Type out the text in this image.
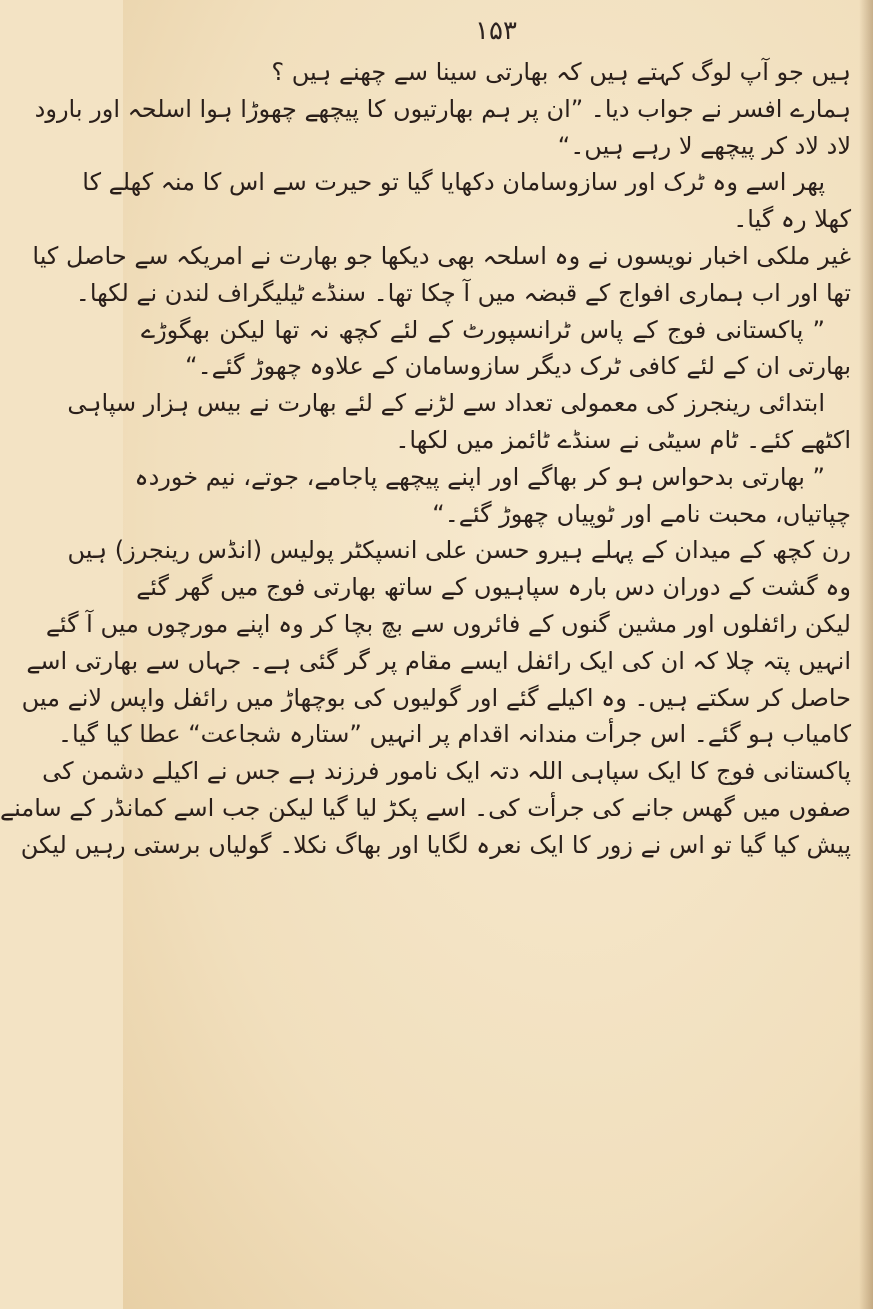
۱۵۳
ہیں جو آپ لوگ کہتے ہیں کہ بھارتی سینا سے چھنے ہیں ؟
ہمارے افسر نے جواب دیا۔ ”ان پر ہم بھارتیوں کا پیچھے چھوڑا ہوا اسلحہ اور بارود
لاد لاد کر پیچھے لا رہے ہیں۔“
پھر اسے وہ ٹرک اور سازوسامان دکھایا گیا تو حیرت سے اس کا منہ کھلے کا
کھلا رہ گیا۔
غیر ملکی اخبار نویسوں نے وہ اسلحہ بھی دیکھا جو بھارت نے امریکہ سے حاصل کیا
تھا اور اب ہماری افواج کے قبضہ میں آ چکا تھا۔ سنڈے ٹیلیگراف لندن نے لکھا۔
” پاکستانی فوج کے پاس ٹرانسپورٹ کے لئے کچھ نہ تھا لیکن بھگوڑے
بھارتی ان کے لئے کافی ٹرک دیگر سازوسامان کے علاوہ چھوڑ گئے۔“
ابتدائی رینجرز کی معمولی تعداد سے لڑنے کے لئے بھارت نے بیس ہزار سپاہی
اکٹھے کئے۔ ٹام سیٹی نے سنڈے ٹائمز میں لکھا۔
” بھارتی بدحواس ہو کر بھاگے اور اپنے پیچھے پاجامے، جوتے، نیم خوردہ
چپاتیاں، محبت نامے اور ٹوپیاں چھوڑ گئے۔“
رن کچھ کے میدان کے پہلے ہیرو حسن علی انسپکٹر پولیس (انڈس رینجرز) ہیں
وہ گشت کے دوران دس بارہ سپاہیوں کے ساتھ بھارتی فوج میں گھر گئے
لیکن رائفلوں اور مشین گنوں کے فائروں سے بچ بچا کر وہ اپنے مورچوں میں آ گئے
انہیں پتہ چلا کہ ان کی ایک رائفل ایسے مقام پر گر گئی ہے۔ جہاں سے بھارتی اسے
حاصل کر سکتے ہیں۔ وہ اکیلے گئے اور گولیوں کی بوچھاڑ میں رائفل واپس لانے میں
کامیاب ہو گئے۔ اس جرأت مندانہ اقدام پر انہیں ”ستارہ شجاعت“ عطا کیا گیا۔
پاکستانی فوج کا ایک سپاہی اللہ دتہ ایک نامور فرزند ہے جس نے اکیلے دشمن کی
صفوں میں گھس جانے کی جرأت کی۔ اسے پکڑ لیا گیا لیکن جب اسے کمانڈر کے سامنے
پیش کیا گیا تو اس نے زور کا ایک نعرہ لگایا اور بھاگ نکلا۔ گولیاں برستی رہیں لیکن
